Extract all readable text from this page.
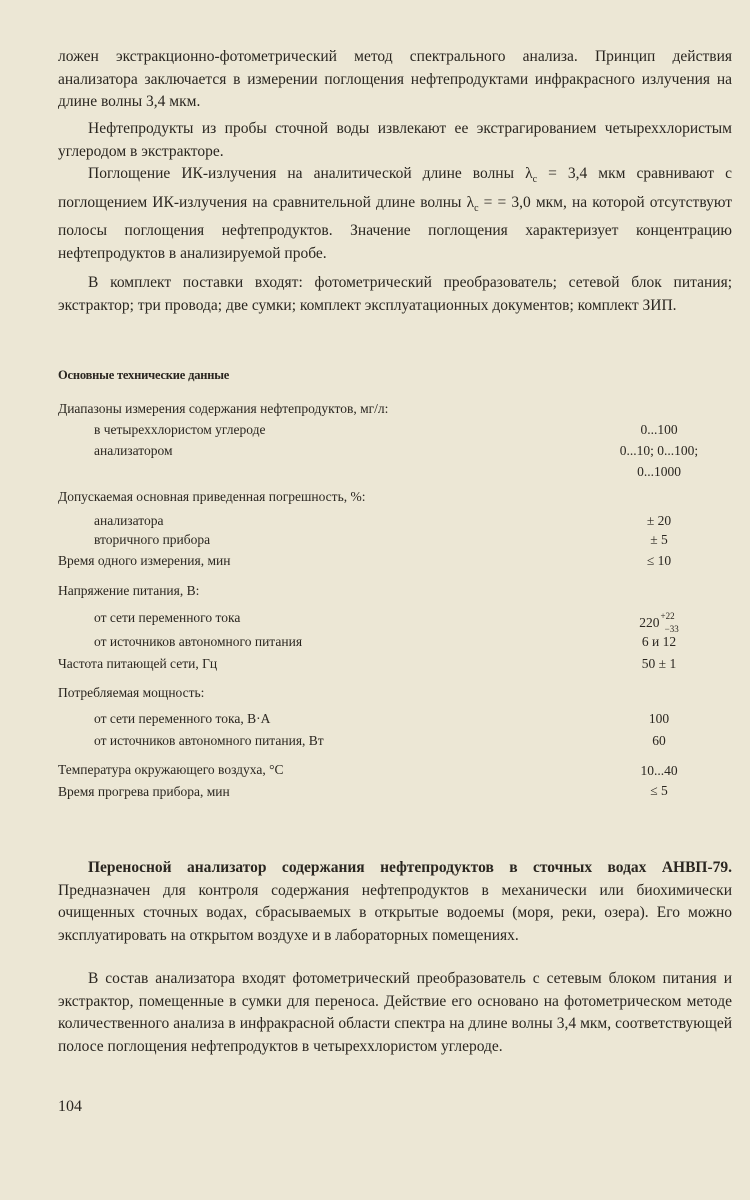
ложен экстракционно-фотометрический метод спектрального анализа. Принцип действия анализатора заключается в измерении поглощения нефтепродуктами инфракрасного излучения на длине волны 3,4 мкм.

Нефтепродукты из пробы сточной воды извлекают ее экстрагированием четыреххлористым углеродом в экстракторе.

Поглощение ИК-излучения на аналитической длине волны $\lambda_c = 3,4$ мкм сравнивают с поглощением ИК-излучения на сравнительной длине волны $\lambda_c$ = = 3,0 мкм, на которой отсутствуют полосы поглощения нефтепродуктов. Значение поглощения характеризует концентрацию нефтепродуктов в анализируемой пробе.

В комплект поставки входят: фотометрический преобразователь; сетевой блок питания; экстрактор; три провода; две сумки; комплект эксплуатационных документов; комплект ЗИП.

Основные технические данные
Диапазоны измерения содержания нефтепродуктов, мг/л:
в четыреххлористом углероде	0...100
анализатором	0...10; 0...100;
0...1000
Допускаемая основная приведенная погрешность, %:
анализатора	± 20
вторичного прибора	± 5
Время одного измерения, мин	≤ 10
Напряжение питания, В:
от сети переменного тока	$220^{+22}_{-33}$
от источников автономного питания	6 и 12
Частота питающей сети, Гц	50 ± 1
Потребляемая мощность:
от сети переменного тока, В·А	100
от источников автономного питания, Вт	60
Температура окружающего воздуха, °С	10...40
Время прогрева прибора, мин	≤ 5

Переносной анализатор содержания нефтепродуктов в сточных водах АНВП-79. Предназначен для контроля содержания нефтепродуктов в механически или биохимически очищенных сточных водах, сбрасываемых в открытые водоемы (моря, реки, озера). Его можно эксплуатировать на открытом воздухе и в лабораторных помещениях.

В состав анализатора входят фотометрический преобразователь с сетевым блоком питания и экстрактор, помещенные в сумки для переноса. Действие его основано на фотометрическом методе количественного анализа в инфракрасной области спектра на длине волны 3,4 мкм, соответствующей полосе поглощения нефтепродуктов в четыреххлористом углероде.

104
